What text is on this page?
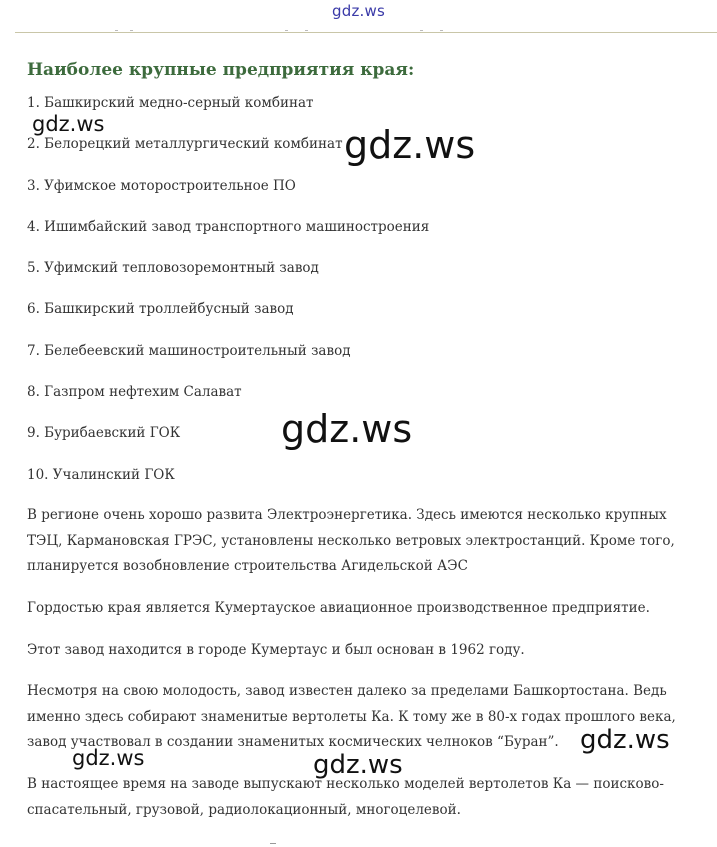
gdz.ws
Наиболее крупные предприятия края:
1. Башкирский медно-серный комбинат
2. Белорецкий металлургический комбинат
3. Уфимское моторостроительное ПО
4. Ишимбайский завод транспортного машиностроения
5. Уфимский тепловозоремонтный завод
6. Башкирский троллейбусный завод
7. Белебеевский машиностроительный завод
8. Газпром нефтехим Салават
9. Бурибаевский ГОК
10. Учалинский ГОК

В регионе очень хорошо развита Электроэнергетика. Здесь имеются несколько крупных ТЭЦ, Кармановская ГРЭС, установлены несколько ветровых электростанций. Кроме того, планируется возобновление строительства Агидельской АЭС

Гордостью края является Кумертауское авиационное производственное предприятие.

Этот завод находится в городе Кумертаус и был основан в 1962 году.

Несмотря на свою молодость, завод известен далеко за пределами Башкортостана. Ведь именно здесь собирают знаменитые вертолеты Ка. К тому же в 80-х годах прошлого века, завод участвовал в создании знаменитых космических челноков “Буран”.

В настоящее время на заводе выпускают несколько моделей вертолетов Ка — поисково-спасательный, грузовой, радиолокационный, многоцелевой.

gdz.ws	gdz.ws
gdz.ws
gdz.ws
gdz.ws	gdz.ws
